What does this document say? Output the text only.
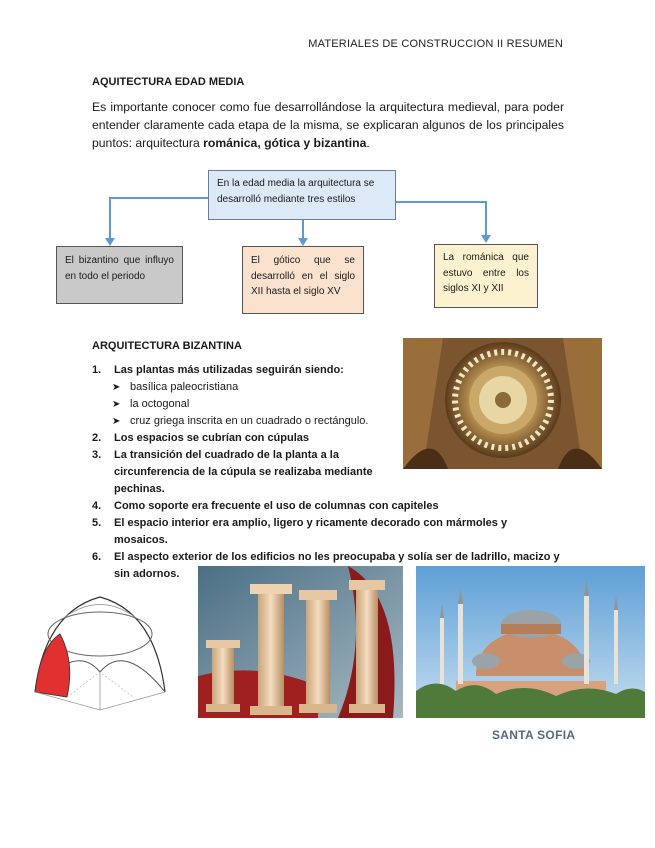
MATERIALES DE CONSTRUCCION II RESUMEN
AQUITECTURA EDAD MEDIA
Es importante conocer como fue desarrollándose la arquitectura medieval, para poder entender claramente cada etapa de la misma, se explicaran algunos de los principales puntos: arquitectura románica, gótica y bizantina.
En la edad media la arquitectura se desarrolló mediante tres estilos
El bizantino que influyo en todo el periodo
El gótico que se desarrolló en el siglo XII hasta el siglo XV
La románica que estuvo entre los siglos XI y XII
ARQUITECTURA BIZANTINA
1. Las plantas más utilizadas seguirán siendo:
➤ basílica paleocristiana
➤ la octogonal
➤ cruz griega inscrita en un cuadrado o rectángulo.
2. Los espacios se cubrían con cúpulas
3. La transición del cuadrado de la planta a la circunferencia de la cúpula se realizaba mediante pechinas.
4. Como soporte era frecuente el uso de columnas con capiteles
5. El espacio interior era amplio, ligero y ricamente decorado con mármoles y mosaicos.
6. El aspecto exterior de los edificios no les preocupaba y solía ser de ladrillo, macizo y sin adornos.
SANTA SOFIA
